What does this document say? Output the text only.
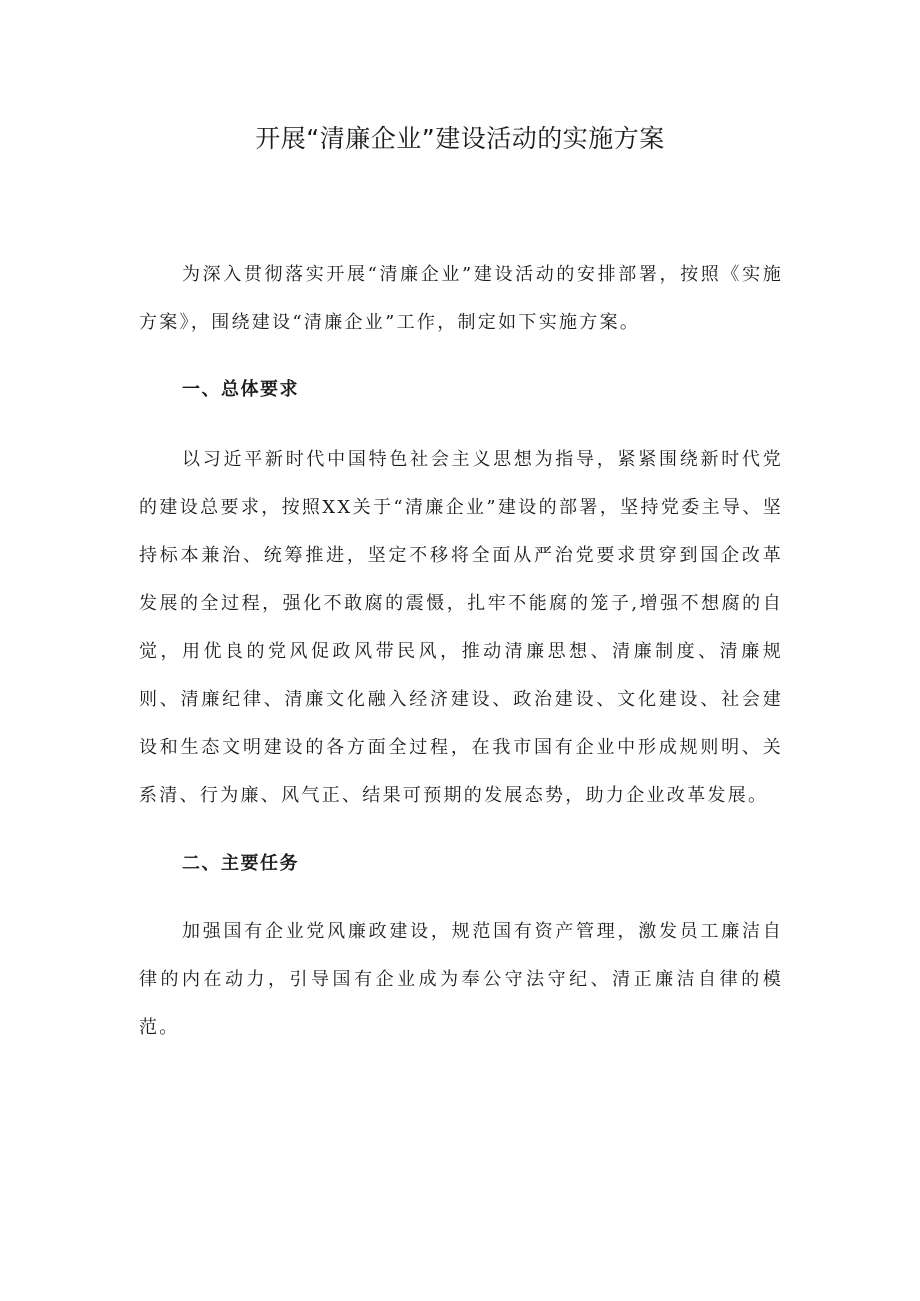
开展“清廉企业”建设活动的实施方案

为深入贯彻落实开展“清廉企业”建设活动的安排部署，按照《实施方案》，围绕建设“清廉企业”工作，制定如下实施方案。

一、总体要求

以习近平新时代中国特色社会主义思想为指导，紧紧围绕新时代党的建设总要求，按照XX关于“清廉企业”建设的部署，坚持党委主导、坚持标本兼治、统筹推进，坚定不移将全面从严治党要求贯穿到国企改革发展的全过程，强化不敢腐的震慑，扎牢不能腐的笼子,增强不想腐的自觉，用优良的党风促政风带民风，推动清廉思想、清廉制度、清廉规则、清廉纪律、清廉文化融入经济建设、政治建设、文化建设、社会建设和生态文明建设的各方面全过程，在我市国有企业中形成规则明、关系清、行为廉、风气正、结果可预期的发展态势，助力企业改革发展。

二、主要任务

加强国有企业党风廉政建设，规范国有资产管理，激发员工廉洁自律的内在动力，引导国有企业成为奉公守法守纪、清正廉洁自律的模范。
